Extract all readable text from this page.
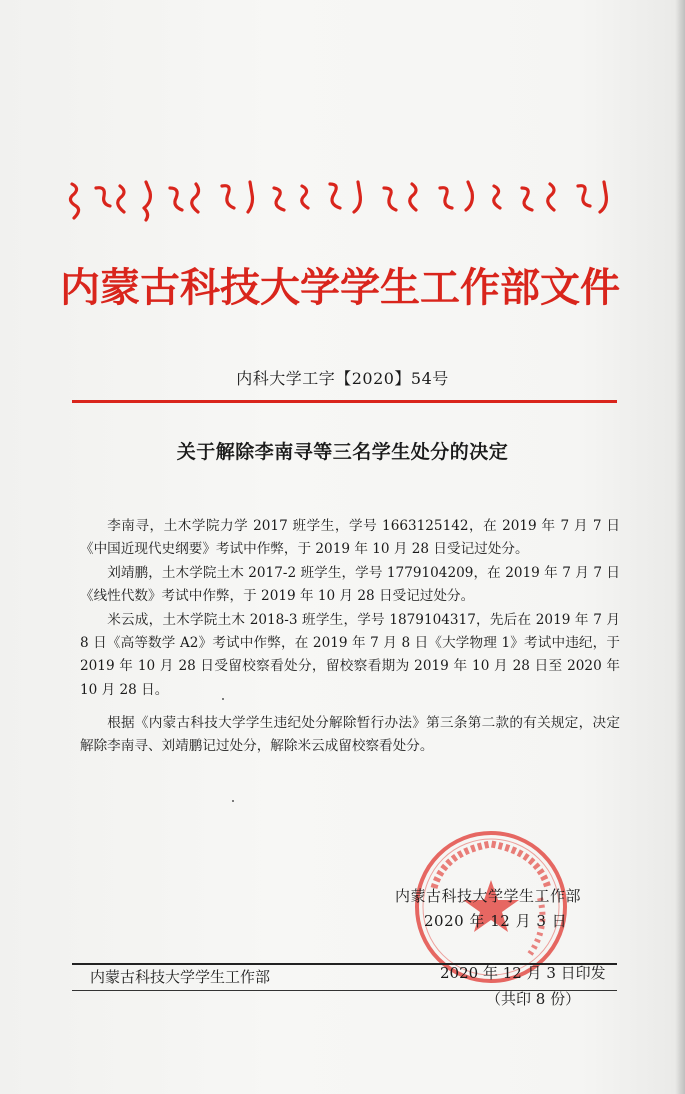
内蒙古科技大学学生工作部文件
内科大学工字【2020】54号
关于解除李南寻等三名学生处分的决定

李南寻，土木学院力学 2017 班学生，学号 1663125142，在 2019 年 7 月 7 日《中国近现代史纲要》考试中作弊，于 2019 年 10 月 28 日受记过处分。

刘靖鹏，土木学院土木 2017-2 班学生，学号 1779104209，在 2019 年 7 月 7 日《线性代数》考试中作弊，于 2019 年 10 月 28 日受记过处分。

米云成，土木学院土木 2018-3 班学生，学号 1879104317，先后在 2019 年 7 月 8 日《高等数学 A2》考试中作弊，在 2019 年 7 月 8 日《大学物理 1》考试中违纪，于 2019 年 10 月 28 日受留校察看处分，留校察看期为 2019 年 10 月 28 日至 2020 年 10 月 28 日。

根据《内蒙古科技大学学生违纪处分解除暂行办法》第三条第二款的有关规定，决定解除李南寻、刘靖鹏记过处分，解除米云成留校察看处分。

内蒙古科技大学学生工作部
2020 年 12 月 3 日
内蒙古科技大学学生工作部	2020 年 12 月 3 日印发
（共印 8 份）
